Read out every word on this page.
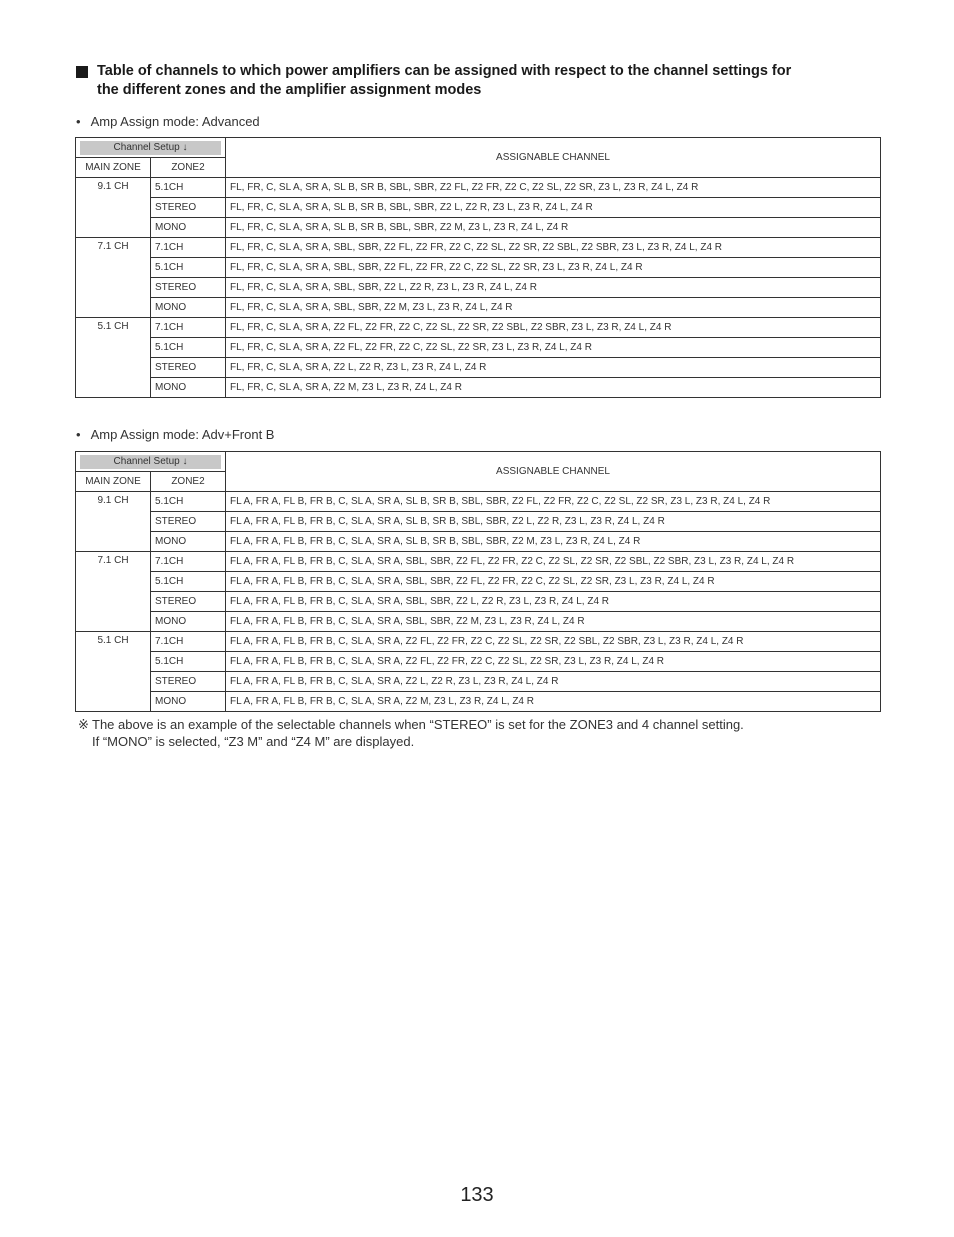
Table of channels to which power amplifiers can be assigned with respect to the channel settings for
the different zones and the amplifier assignment modes
• Amp Assign mode: Advanced
Channel Setup ↓		ASSIGNABLE CHANNEL
MAIN ZONE	ZONE2	
9.1 CH	5.1CH	FL, FR, C, SL A, SR A, SL B, SR B, SBL, SBR, Z2 FL, Z2 FR, Z2 C, Z2 SL, Z2 SR, Z3 L, Z3 R, Z4 L, Z4 R
	STEREO	FL, FR, C, SL A, SR A, SL B, SR B, SBL, SBR, Z2 L, Z2 R, Z3 L, Z3 R, Z4 L, Z4 R
	MONO	FL, FR, C, SL A, SR A, SL B, SR B, SBL, SBR, Z2 M, Z3 L, Z3 R, Z4 L, Z4 R
7.1 CH	7.1CH	FL, FR, C, SL A, SR A, SBL, SBR, Z2 FL, Z2 FR, Z2 C, Z2 SL, Z2 SR, Z2 SBL, Z2 SBR, Z3 L, Z3 R, Z4 L, Z4 R
	5.1CH	FL, FR, C, SL A, SR A, SBL, SBR, Z2 FL, Z2 FR, Z2 C, Z2 SL, Z2 SR, Z3 L, Z3 R, Z4 L, Z4 R
	STEREO	FL, FR, C, SL A, SR A, SBL, SBR, Z2 L, Z2 R, Z3 L, Z3 R, Z4 L, Z4 R
	MONO	FL, FR, C, SL A, SR A, SBL, SBR, Z2 M, Z3 L, Z3 R, Z4 L, Z4 R
5.1 CH	7.1CH	FL, FR, C, SL A, SR A, Z2 FL, Z2 FR, Z2 C, Z2 SL, Z2 SR, Z2 SBL, Z2 SBR, Z3 L, Z3 R, Z4 L, Z4 R
	5.1CH	FL, FR, C, SL A, SR A, Z2 FL, Z2 FR, Z2 C, Z2 SL, Z2 SR, Z3 L, Z3 R, Z4 L, Z4 R
	STEREO	FL, FR, C, SL A, SR A, Z2 L, Z2 R, Z3 L, Z3 R, Z4 L, Z4 R
	MONO	FL, FR, C, SL A, SR A, Z2 M, Z3 L, Z3 R, Z4 L, Z4 R
• Amp Assign mode: Adv+Front B
Channel Setup ↓		ASSIGNABLE CHANNEL
MAIN ZONE	ZONE2	
9.1 CH	5.1CH	FL A, FR A, FL B, FR B, C, SL A, SR A, SL B, SR B, SBL, SBR, Z2 FL, Z2 FR, Z2 C, Z2 SL, Z2 SR, Z3 L, Z3 R, Z4 L, Z4 R
	STEREO	FL A, FR A, FL B, FR B, C, SL A, SR A, SL B, SR B, SBL, SBR, Z2 L, Z2 R, Z3 L, Z3 R, Z4 L, Z4 R
	MONO	FL A, FR A, FL B, FR B, C, SL A, SR A, SL B, SR B, SBL, SBR, Z2 M, Z3 L, Z3 R, Z4 L, Z4 R
7.1 CH	7.1CH	FL A, FR A, FL B, FR B, C, SL A, SR A, SBL, SBR, Z2 FL, Z2 FR, Z2 C, Z2 SL, Z2 SR, Z2 SBL, Z2 SBR, Z3 L, Z3 R, Z4 L, Z4 R
	5.1CH	FL A, FR A, FL B, FR B, C, SL A, SR A, SBL, SBR, Z2 FL, Z2 FR, Z2 C, Z2 SL, Z2 SR, Z3 L, Z3 R, Z4 L, Z4 R
	STEREO	FL A, FR A, FL B, FR B, C, SL A, SR A, SBL, SBR, Z2 L, Z2 R, Z3 L, Z3 R, Z4 L, Z4 R
	MONO	FL A, FR A, FL B, FR B, C, SL A, SR A, SBL, SBR, Z2 M, Z3 L, Z3 R, Z4 L, Z4 R
5.1 CH	7.1CH	FL A, FR A, FL B, FR B, C, SL A, SR A, Z2 FL, Z2 FR, Z2 C, Z2 SL, Z2 SR, Z2 SBL, Z2 SBR, Z3 L, Z3 R, Z4 L, Z4 R
	5.1CH	FL A, FR A, FL B, FR B, C, SL A, SR A, Z2 FL, Z2 FR, Z2 C, Z2 SL, Z2 SR, Z3 L, Z3 R, Z4 L, Z4 R
	STEREO	FL A, FR A, FL B, FR B, C, SL A, SR A, Z2 L, Z2 R, Z3 L, Z3 R, Z4 L, Z4 R
	MONO	FL A, FR A, FL B, FR B, C, SL A, SR A, Z2 M, Z3 L, Z3 R, Z4 L, Z4 R
※ The above is an example of the selectable channels when “STEREO” is set for the ZONE3 and 4 channel setting.
If “MONO” is selected, “Z3 M” and “Z4 M” are displayed.
133
